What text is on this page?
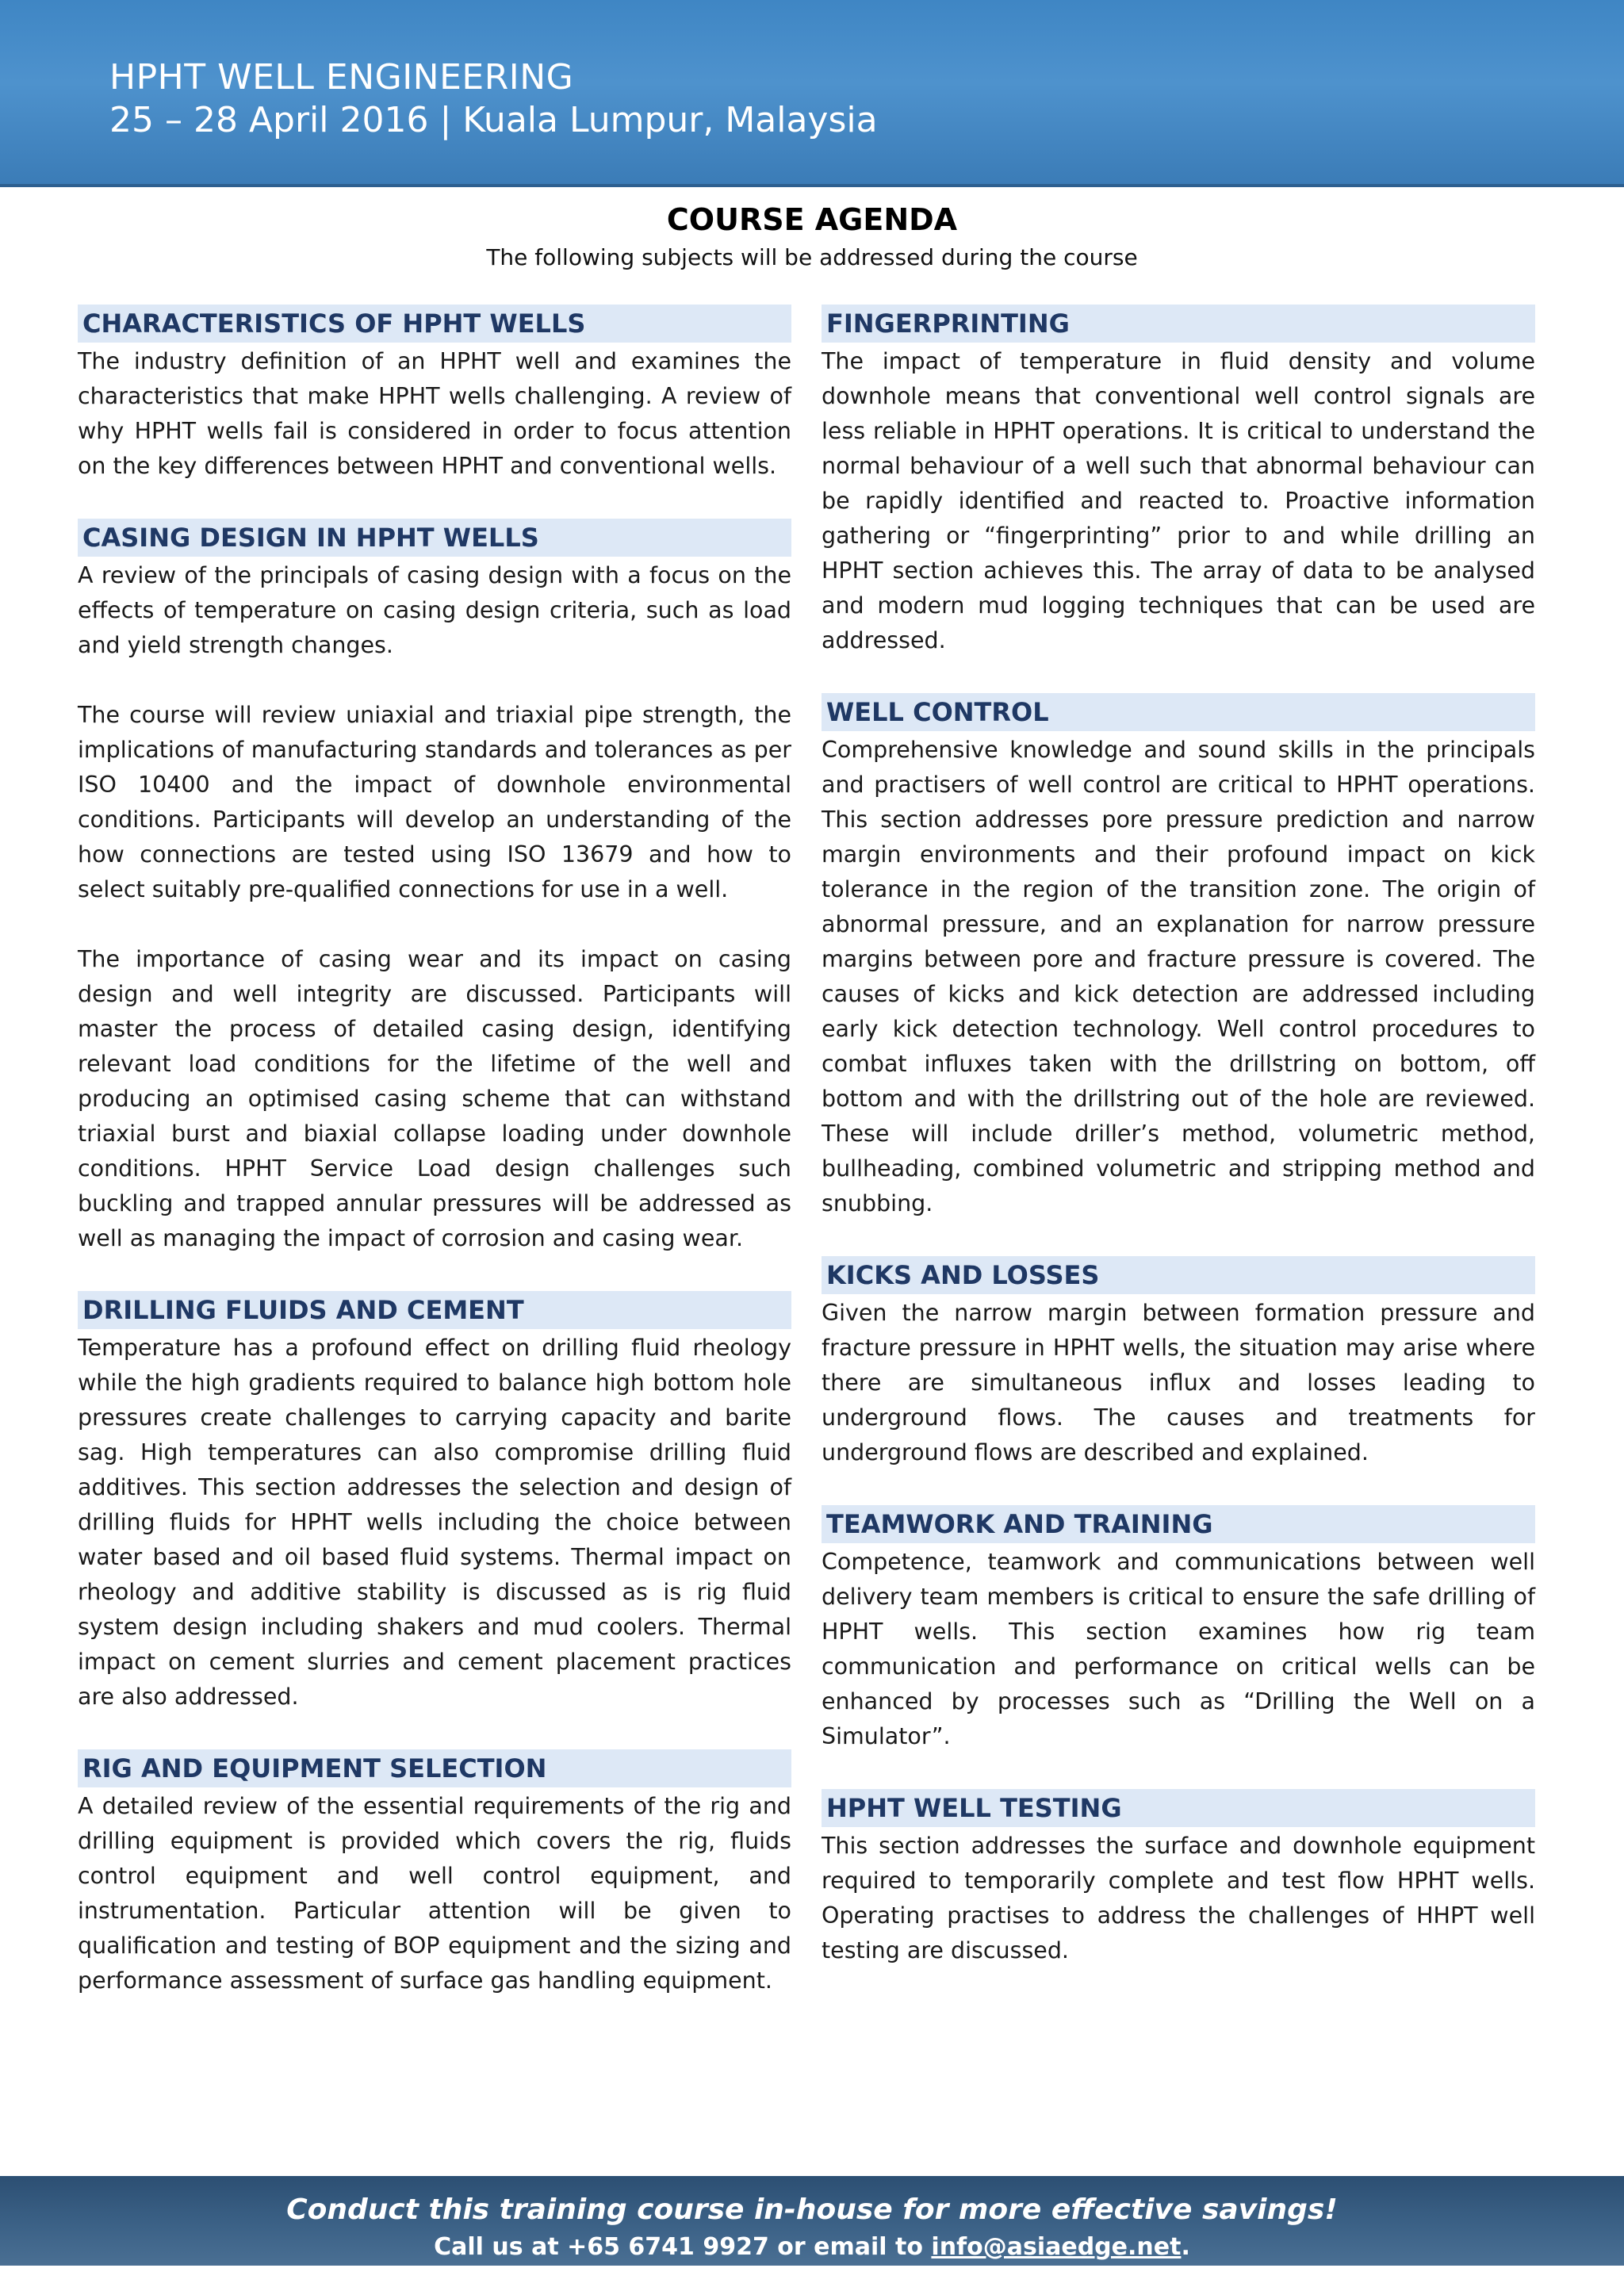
HPHT WELL ENGINEERING
25 – 28 April 2016 | Kuala Lumpur, Malaysia
COURSE AGENDA
The following subjects will be addressed during the course
CHARACTERISTICS OF HPHT WELLS

The industry definition of an HPHT well and examines the characteristics that make HPHT wells challenging. A review of why HPHT wells fail is considered in order to focus attention on the key differences between HPHT and conventional wells.

CASING DESIGN IN HPHT WELLS

A review of the principals of casing design with a focus on the effects of temperature on casing design criteria, such as load and yield strength changes.

The course will review uniaxial and triaxial pipe strength, the implications of manufacturing standards and tolerances as per ISO 10400 and the impact of downhole environmental conditions. Participants will develop an understanding of the how connections are tested using ISO 13679 and how to select suitably pre-qualified connections for use in a well.

The importance of casing wear and its impact on casing design and well integrity are discussed. Participants will master the process of detailed casing design, identifying relevant load conditions for the lifetime of the well and producing an optimised casing scheme that can withstand triaxial burst and biaxial collapse loading under downhole conditions. HPHT Service Load design challenges such buckling and trapped annular pressures will be addressed as well as managing the impact of corrosion and casing wear.

DRILLING FLUIDS AND CEMENT

Temperature has a profound effect on drilling fluid rheology while the high gradients required to balance high bottom hole pressures create challenges to carrying capacity and barite sag. High temperatures can also compromise drilling fluid additives. This section addresses the selection and design of drilling fluids for HPHT wells including the choice between water based and oil based fluid systems. Thermal impact on rheology and additive stability is discussed as is rig fluid system design including shakers and mud coolers. Thermal impact on cement slurries and cement placement practices are also addressed.

RIG AND EQUIPMENT SELECTION

A detailed review of the essential requirements of the rig and drilling equipment is provided which covers the rig, fluids control equipment and well control equipment, and instrumentation. Particular attention will be given to qualification and testing of BOP equipment and the sizing and performance assessment of surface gas handling equipment.

FINGERPRINTING

The impact of temperature in fluid density and volume downhole means that conventional well control signals are less reliable in HPHT operations. It is critical to understand the normal behaviour of a well such that abnormal behaviour can be rapidly identified and reacted to. Proactive information gathering or “fingerprinting” prior to and while drilling an HPHT section achieves this. The array of data to be analysed and modern mud logging techniques that can be used are addressed.

WELL CONTROL

Comprehensive knowledge and sound skills in the principals and practisers of well control are critical to HPHT operations. This section addresses pore pressure prediction and narrow margin environments and their profound impact on kick tolerance in the region of the transition zone. The origin of abnormal pressure, and an explanation for narrow pressure margins between pore and fracture pressure is covered. The causes of kicks and kick detection are addressed including early kick detection technology. Well control procedures to combat influxes taken with the drillstring on bottom, off bottom and with the drillstring out of the hole are reviewed. These will include driller’s method, volumetric method, bullheading, combined volumetric and stripping method and snubbing.

KICKS AND LOSSES

Given the narrow margin between formation pressure and fracture pressure in HPHT wells, the situation may arise where there are simultaneous influx and losses leading to underground flows. The causes and treatments for underground flows are described and explained.

TEAMWORK AND TRAINING

Competence, teamwork and communications between well delivery team members is critical to ensure the safe drilling of HPHT wells. This section examines how rig team communication and performance on critical wells can be enhanced by processes such as “Drilling the Well on a Simulator”.

HPHT WELL TESTING

This section addresses the surface and downhole equipment required to temporarily complete and test flow HPHT wells. Operating practises to address the challenges of HHPT well testing are discussed.

Conduct this training course in-house for more effective savings!
Call us at +65 6741 9927 or email to info@asiaedge.net.
For more information, visit www.asiaedge.net
